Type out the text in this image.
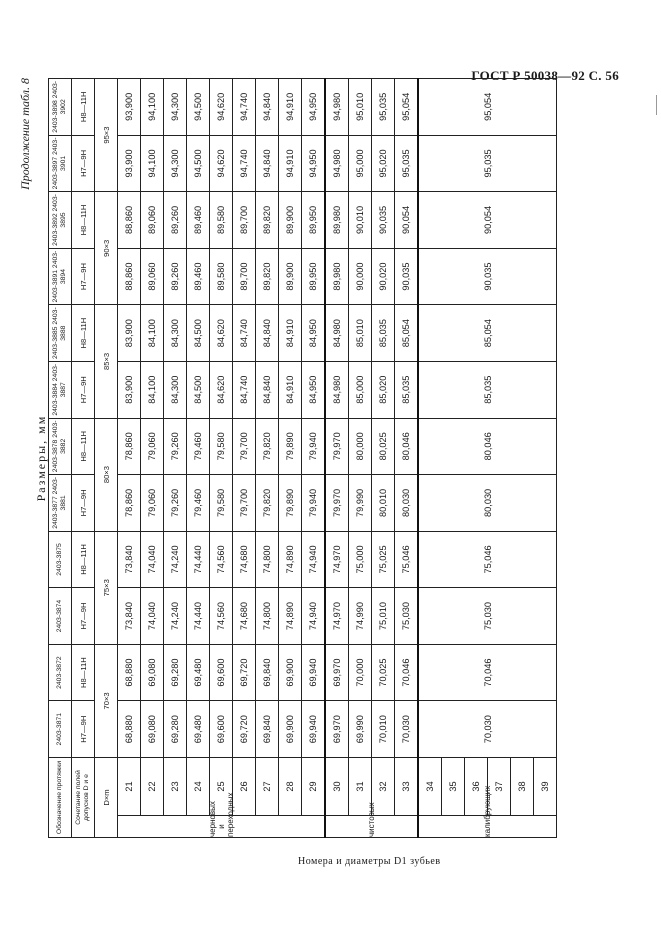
ГОСТ Р 50038—92 С. 56
Продолжение табл. 8
Размеры, мм
Обозначение протяжки		2403-3871	2403-3872	2403-3874	2403-3875	2403-3877 2403-3881	2403-3878 2403-3882	2403-3884 2403-3887	2403-3885 2403-3888	2403-3891 2403-3894	2403-3892 2403-3895	2403-3897 2403-3901	2403-3898 2403-3902
Сочетание полей допусков D и e		H7—9H	H8—11H	H7—9H	H8—11H	H7—9H	H8—11H	H7—9H	H8—11H	H7—9H	H8—11H	H7—9H	H8—11H
D×m		70×3		75×3		80×3		85×3		90×3		95×3	
черновых и переходных	21	68,880	68,880	73,840	73,840	78,860	78,860	83,900	83,900	88,860	88,860	93,900	93,900
	22	69,080	69,080	74,040	74,040	79,060	79,060	84,100	84,100	89,060	89,060	94,100	94,100
	23	69,280	69,280	74,240	74,240	79,260	79,260	84,300	84,300	89,260	89,260	94,300	94,300
	24	69,480	69,480	74,440	74,440	79,460	79,460	84,500	84,500	89,460	89,460	94,500	94,500
	25	69,600	69,600	74,560	74,560	79,580	79,580	84,620	84,620	89,580	89,580	94,620	94,620
	26	69,720	69,720	74,680	74,680	79,700	79,700	84,740	84,740	89,700	89,700	94,740	94,740
	27	69,840	69,840	74,800	74,800	79,820	79,820	84,840	84,840	89,820	89,820	94,840	94,840
	28	69,900	69,900	74,890	74,890	79,890	79,890	84,910	84,910	89,900	89,900	94,910	94,910
	29	69,940	69,940	74,940	74,940	79,940	79,940	84,950	84,950	89,950	89,950	94,950	94,950
чистовых	30	69,970	69,970	74,970	74,970	79,970	79,970	84,980	84,980	89,980	89,980	94,980	94,980
	31	69,990	70,000	74,990	75,000	79,990	80,000	85,000	85,010	90,000	90,010	95,000	95,010
	32	70,010	70,025	75,010	75,025	80,010	80,025	85,020	85,035	90,020	90,035	95,020	95,035
	33	70,030	70,046	75,030	75,046	80,030	80,046	85,035	85,054	90,035	90,054	95,035	95,054
калибрующих	34	70,030	70,046	75,030	75,046	80,030	80,046	85,035	85,054	90,035	90,054	95,035	95,054
	35												
	36												
	37												
	38												
	39												
Номера и диаметры D1 зубьев
